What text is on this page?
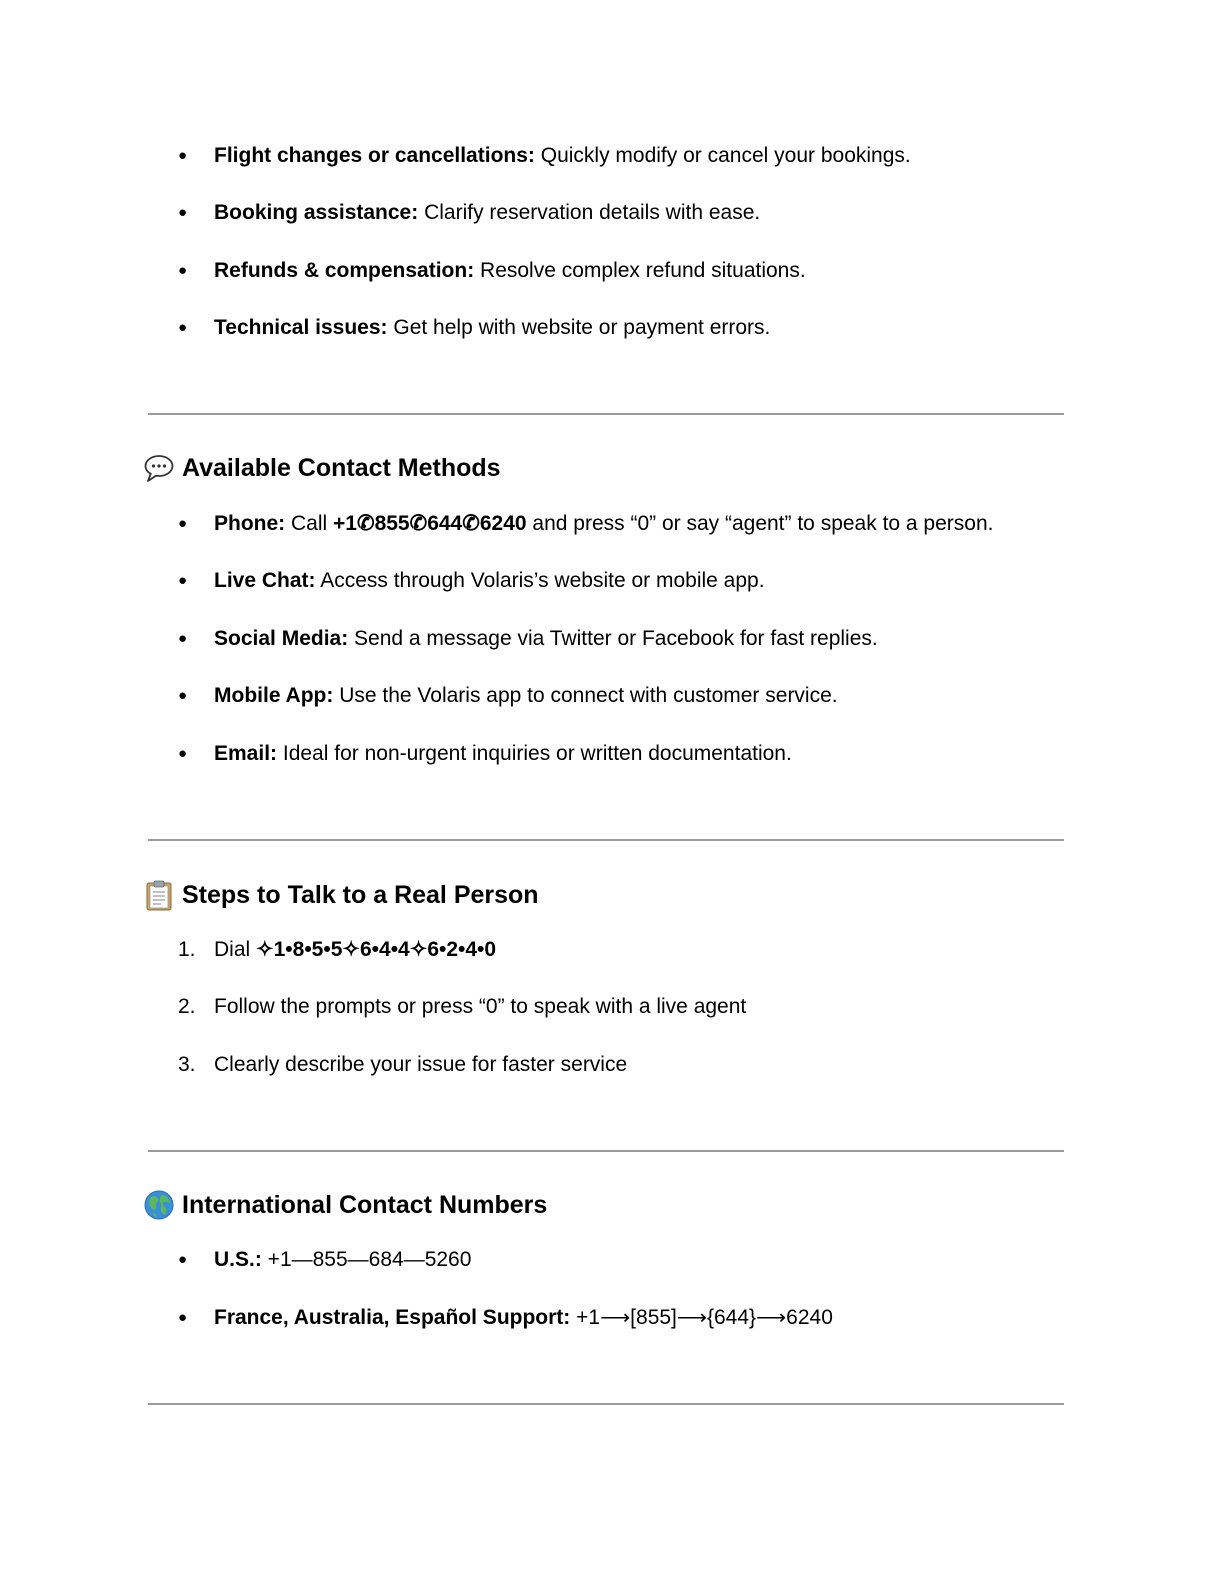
● Flight changes or cancellations: Quickly modify or cancel your bookings.
● Booking assistance: Clarify reservation details with ease.
● Refunds & compensation: Resolve complex refund situations.
● Technical issues: Get help with website or payment errors.
Available Contact Methods
● Phone: Call +1✆855✆644✆6240 and press “0” or say “agent” to speak to a person.
● Live Chat: Access through Volaris’s website or mobile app.
● Social Media: Send a message via Twitter or Facebook for fast replies.
● Mobile App: Use the Volaris app to connect with customer service.
● Email: Ideal for non-urgent inquiries or written documentation.
Steps to Talk to a Real Person
1. Dial ✧1•8•5•5✧6•4•4✧6•2•4•0
2. Follow the prompts or press “0” to speak with a live agent
3. Clearly describe your issue for faster service
International Contact Numbers
● U.S.: +1—855—684—5260
● France, Australia, Español Support: +1⟶[855]⟶{644}⟶6240
